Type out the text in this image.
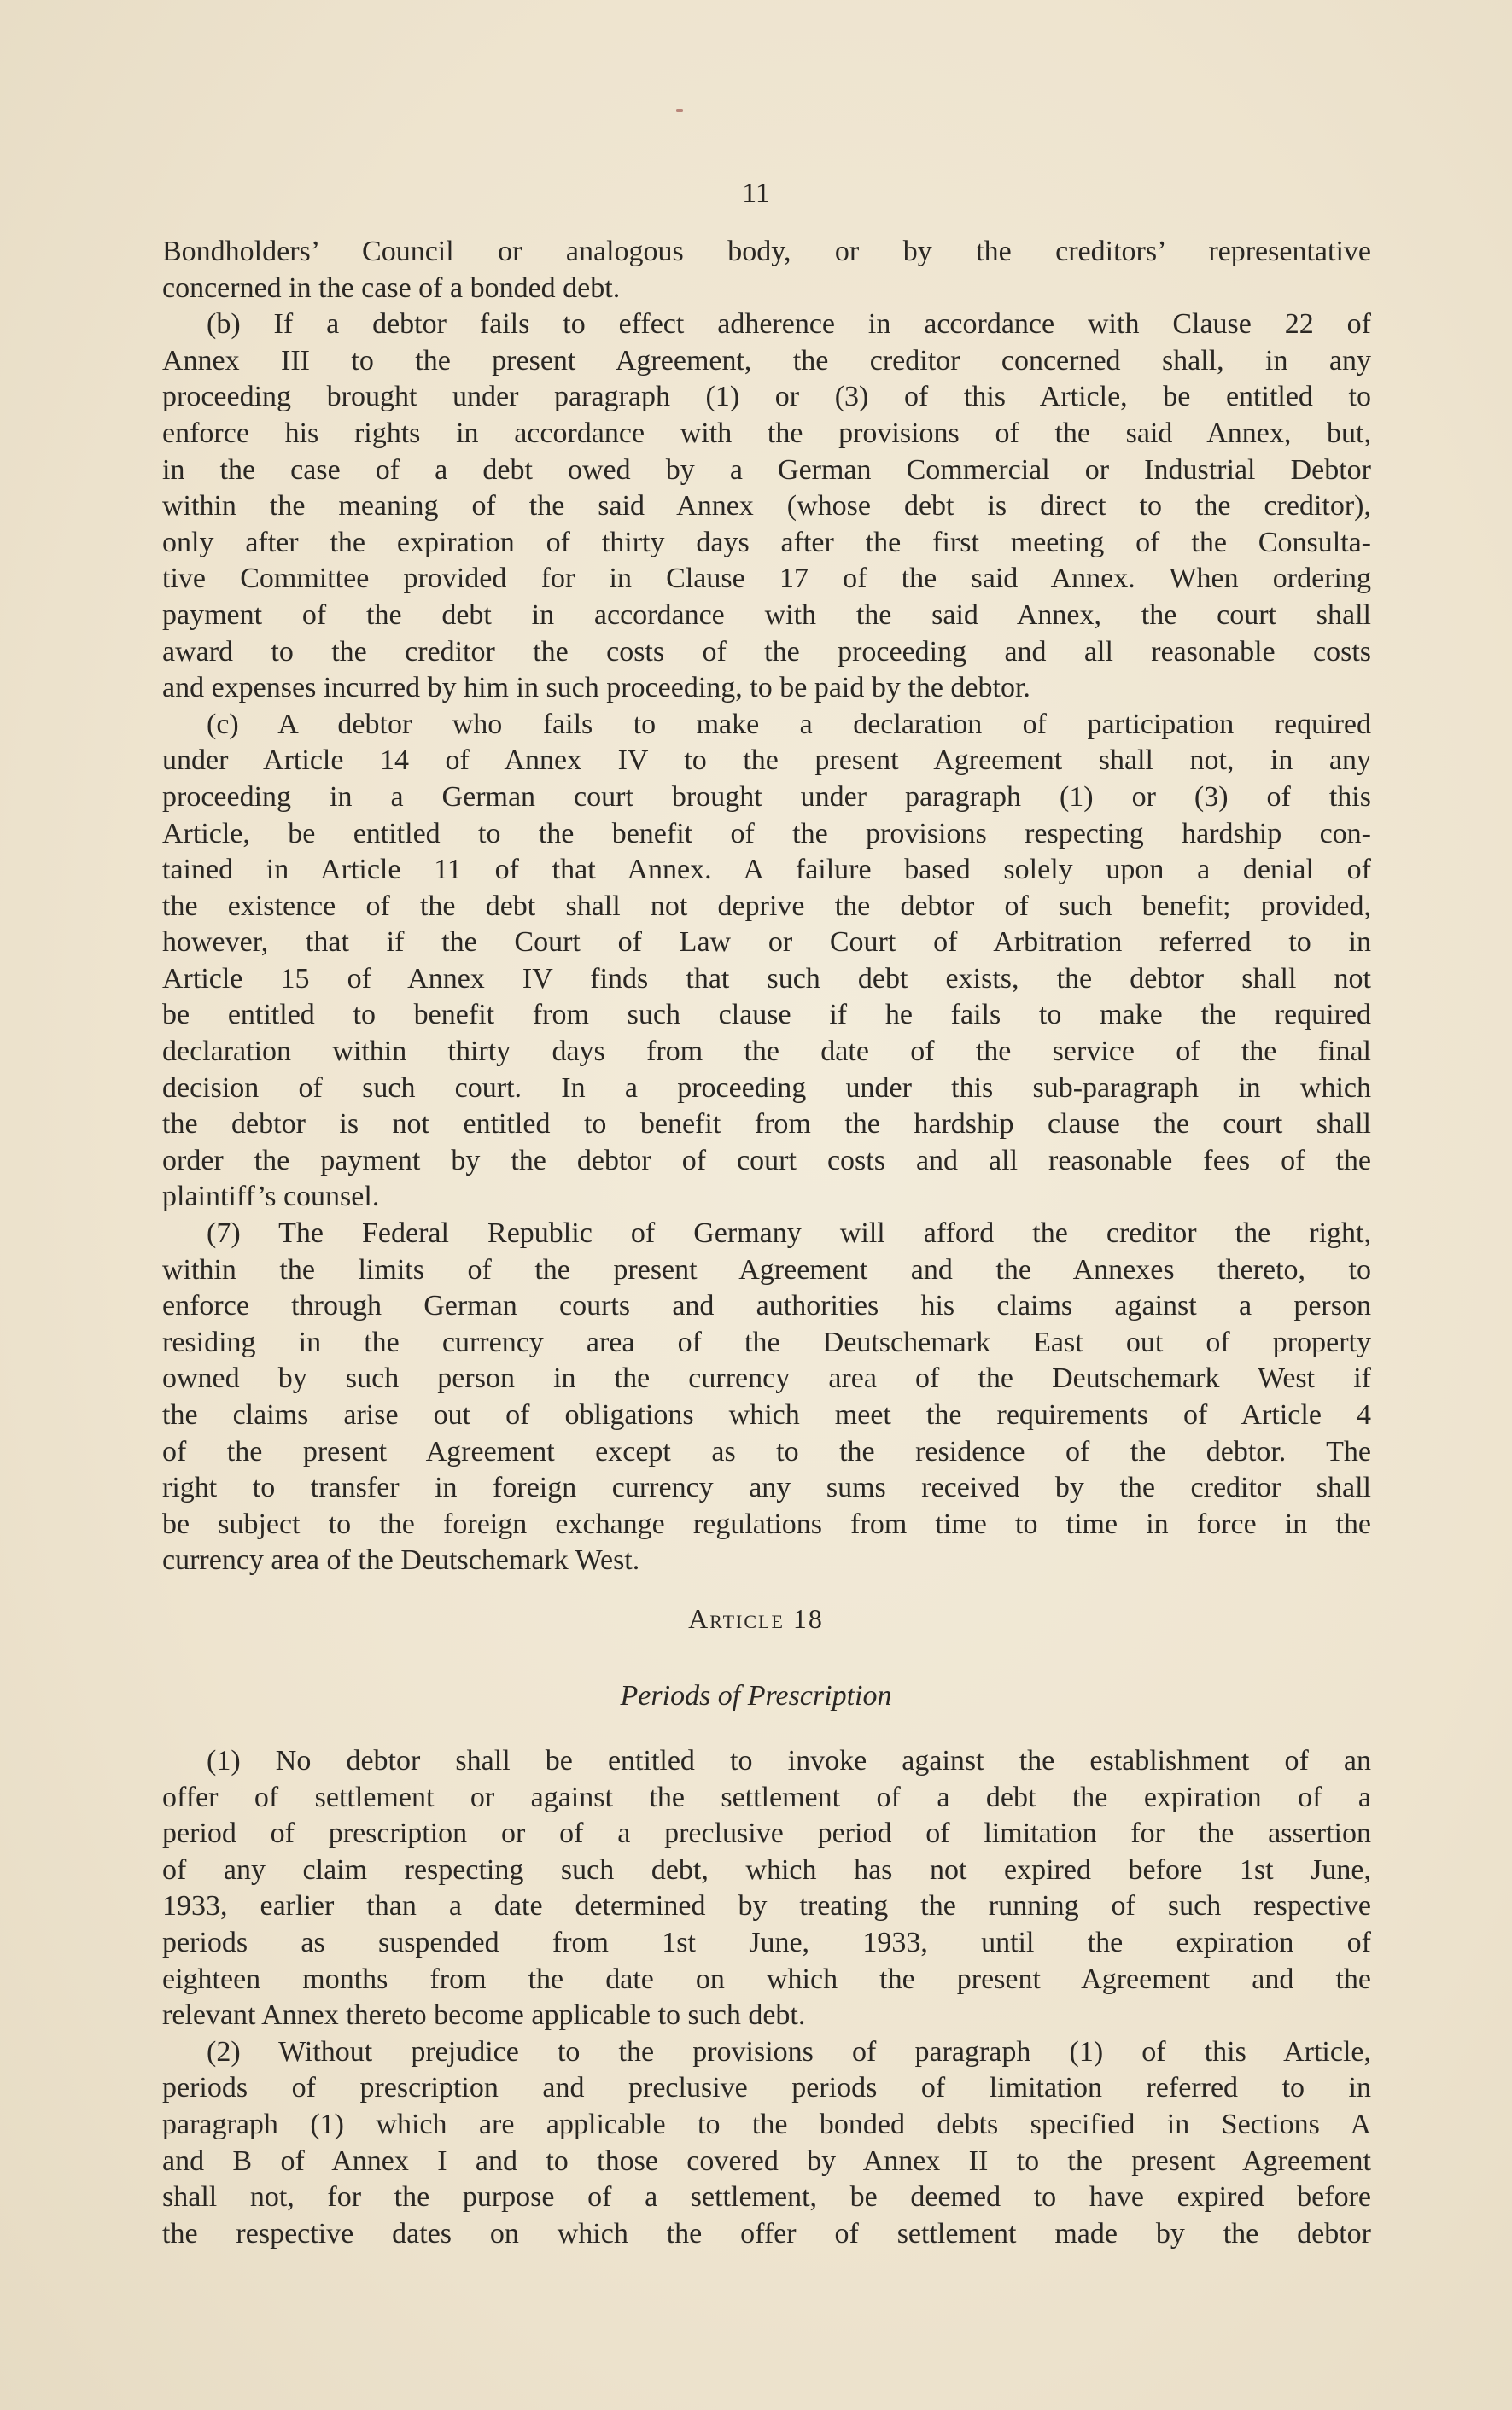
11
Bondholders’ Council or analogous body, or by the creditors’ representative
concerned in the case of a bonded debt.
(b) If a debtor fails to effect adherence in accordance with Clause 22 of
Annex III to the present Agreement, the creditor concerned shall, in any
proceeding brought under paragraph (1) or (3) of this Article, be entitled to
enforce his rights in accordance with the provisions of the said Annex, but,
in the case of a debt owed by a German Commercial or Industrial Debtor
within the meaning of the said Annex (whose debt is direct to the creditor),
only after the expiration of thirty days after the first meeting of the Consulta-
tive Committee provided for in Clause 17 of the said Annex. When ordering
payment of the debt in accordance with the said Annex, the court shall
award to the creditor the costs of the proceeding and all reasonable costs
and expenses incurred by him in such proceeding, to be paid by the debtor.
(c) A debtor who fails to make a declaration of participation required
under Article 14 of Annex IV to the present Agreement shall not, in any
proceeding in a German court brought under paragraph (1) or (3) of this
Article, be entitled to the benefit of the provisions respecting hardship con-
tained in Article 11 of that Annex. A failure based solely upon a denial of
the existence of the debt shall not deprive the debtor of such benefit; provided,
however, that if the Court of Law or Court of Arbitration referred to in
Article 15 of Annex IV finds that such debt exists, the debtor shall not
be entitled to benefit from such clause if he fails to make the required
declaration within thirty days from the date of the service of the final
decision of such court. In a proceeding under this sub-paragraph in which
the debtor is not entitled to benefit from the hardship clause the court shall
order the payment by the debtor of court costs and all reasonable fees of the
plaintiff’s counsel.
(7) The Federal Republic of Germany will afford the creditor the right,
within the limits of the present Agreement and the Annexes thereto, to
enforce through German courts and authorities his claims against a person
residing in the currency area of the Deutschemark East out of property
owned by such person in the currency area of the Deutschemark West if
the claims arise out of obligations which meet the requirements of Article 4
of the present Agreement except as to the residence of the debtor. The
right to transfer in foreign currency any sums received by the creditor shall
be subject to the foreign exchange regulations from time to time in force in the
currency area of the Deutschemark West.
Article 18
Periods of Prescription
(1) No debtor shall be entitled to invoke against the establishment of an
offer of settlement or against the settlement of a debt the expiration of a
period of prescription or of a preclusive period of limitation for the assertion
of any claim respecting such debt, which has not expired before 1st June,
1933, earlier than a date determined by treating the running of such respective
periods as suspended from 1st June, 1933, until the expiration of
eighteen months from the date on which the present Agreement and the
relevant Annex thereto become applicable to such debt.
(2) Without prejudice to the provisions of paragraph (1) of this Article,
periods of prescription and preclusive periods of limitation referred to in
paragraph (1) which are applicable to the bonded debts specified in Sections A
and B of Annex I and to those covered by Annex II to the present Agreement
shall not, for the purpose of a settlement, be deemed to have expired before
the respective dates on which the offer of settlement made by the debtor
